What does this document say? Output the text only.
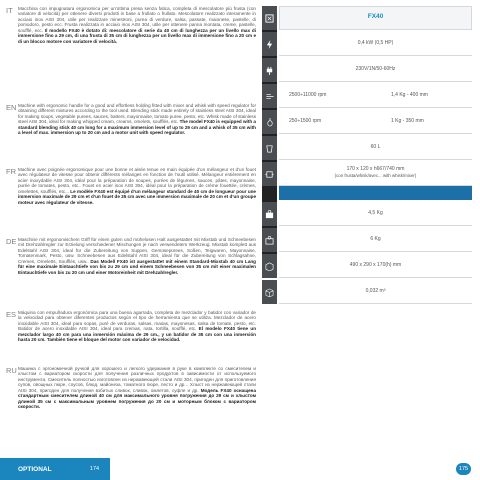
IT	Macchina con impugnatura ergonomica per un’ottima presa senza fatica, completa di mescolatore più frusta (con variatore di velocità) per ottenere diversi prodotti in base a frullato o frullato. Mescolatore realizzato interamente in acciaio inox AISI 304, utile per realizzare minestroni, purea di verdure, salsa, passate, maionese, pastelle, di pomodoro, pesto ecc. Frusta realizzata in acciaio inox AISI 304, utile per ottenere panna montata, creme, pastelle, soufflé, ecc. Il modello FX40 è dotato di: mescolatore di serie da 40 cm di lunghezza per un livello max di immersione fino a 29 cm, di una frusta di 35 cm di lunghezza per un livello max di immersione fino a 20 cm e di un blocco motore con variatore di velocità.
EN Machine with ergonomic handle for a good and effortless holding fitted with mixer and whisk with speed regulator for obtaining different mixtures according to the tool used. Blending stick made entirely of stainless steel AISI 304, ideal for making soups, vegetable purees, sauces, batters, mayonnaise, tomato puree, pesto, etc. Whisk made of stainless steel AISI 304, ideal for making whipped cream, creams, omelets, soufflés, etc. The model FX40 is equipped with a standard blending stick 40 cm long for a maximum immersion level of up to 29 cm and a whisk of 35 cm with a level of max. immersion up to 20 cm and a motor unit with speed regulator.
FR Machine avec poignée ergonomique pour une bonne et aisée tenue en main équipée d’un mélangeur et d’un fouet avec régulateur de vitesse pour obtenir différents mélanges en fonction de l’outil utilisé. Mélangeur entièrement en acier inoxydable AISI 304, idéal pour la préparation de soupes, purées de légumes, sauces, pâtes, mayonnaise, purée de tomates, pesto, etc.. Fouet en acier inox AISI 304, idéal pour la préparation de crème fouettée, crèmes, omelettes, soufflés, etc... Le modèle FX40 est équipé d’un mélangeur standard de 40 cm de longueur pour une immersion maximale de 29 cm et d’un fouet de 35 cm avec une immersion maximale de 20 cm et d’un groupe moteur avec régulateur de vitesse.
DE Maschine mit ergonomischem Griff für einen guten und mühelosen Halt ausgestattet mit Mixstab und Schneebesen mit Drehzahlregler zur Erzielung verschiedener Mischungen je nach verwendetem Werkzeug. Mixstab komplett aus Edelstahl AISI 304, ideal für die Zubereitung von Suppen, Gemüsepürees, Soßen, Teigwaren, Mayonnaise, Tomatenmark, Pesto, usw. Schneebesen aus Edelstahl AISI 304, ideal für die Zubereitung von Schlagsahne, Cremes, Omeletts, Soufflés, usw.. Das Modell FX40 ist ausgestattet mit einem Standard-Mixstab 40 cm Lang für eine maximale Eintauchtiefe von bis zu 29 cm und einem Schneebesen von 35 cm mit einer maximalen Eintauchtiefe von bis zu 20 cm und einer Motoreinheit mit Drehzahlregler.
ES Máquina con empuñadura ergonómica para una buena agarrada, completa de mezclador y batidor con variador de la velocidad para obtener diferentes productos según el tipo de herramienta que se utiliza. Mezclador de acero inoxidable AISI 304, ideal para sopas, puré de verduras, salsas, masas, mayonesas, salsa de tomate, pesto, etc. Batidor de acero inoxidable AISI 304, ideal para cremas, nata, tortilla, soufflé, etc. El modelo FX40 tiene un mezclador largo 40 cm para una inmersión máxima de 29 cm., y un batidor de 35 cm con una inmersión hasta 20 cm. También tiene el bloque del motor con variador de velocidad.
RU Машина с эргономичной ручкой для хорошего и легкого удержания в руке в комплекте со смесителем и хлыстом с вариатором скорости для получения различных продуктов в зависимости от используемого инструмента. Смеситель полностью изготовлен из нержавеющей стали AISI 304, пригоден для приготовления супов, овощных пюре, соусов, блюд, майонеза, томатного пюре, песто и др... Хлыст из нержавеющей стали AISI 304, пригоден для получения взбитых сливок, сливок, омлетов, суфле и др. Модель FX40 оснащена стандартным смесителем длиной 40 см для максимального уровня погружения до 29 см и хлыстом длиной 35 см с максимальным уровнем погружения до 20 см и моторным блоком с вариатором скорости.
FX40
0,4 kW (0,5 HP)
230V/1N/50-60Hz
2500÷11000 rpm	1,4 Kg - 400 mm
250÷1500 rpm	1 Kg - 350 mm
60 L
170 x 120 x h667/740 mm
(con frusta/whisk/avec... with whisk/mixer)
4,5 Kg
6 Kg
490 x 290 x 170(h) mm
0,032 m³
OPTIONAL	174	175
